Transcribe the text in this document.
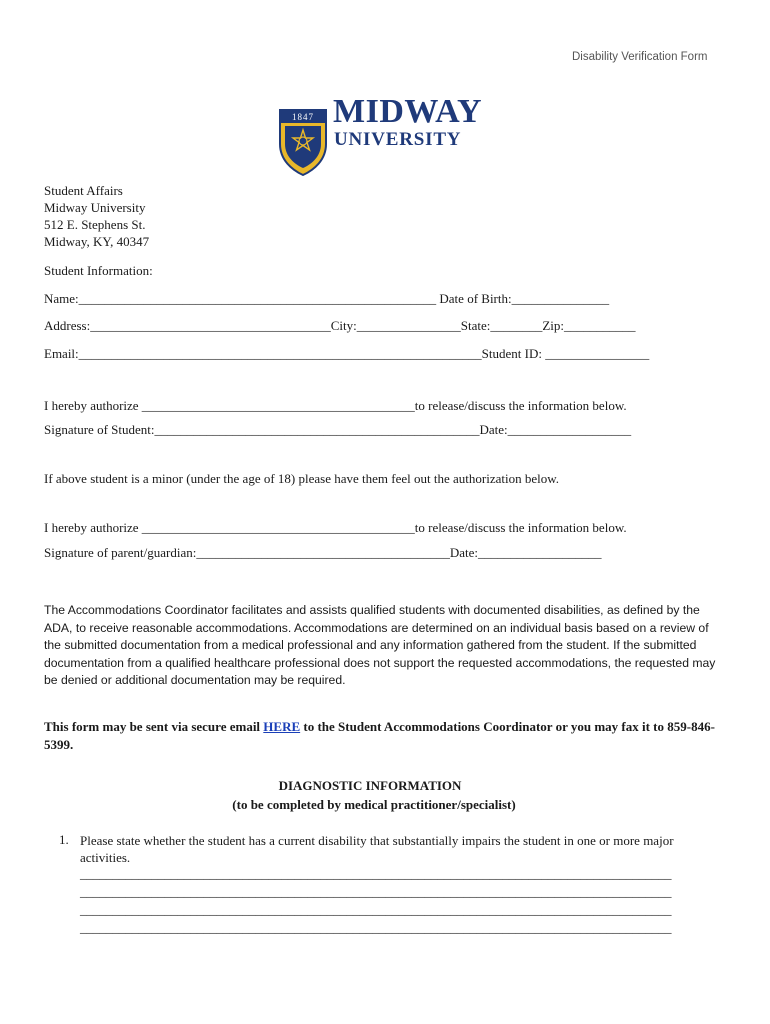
Disability Verification Form

1847 MIDWAY
UNIVERSITY
Student Affairs
Midway University
512 E. Stephens St.
Midway, KY, 40347
Student Information:
Name:_______________________________________________________ Date of Birth:_______________
Address:_____________________________________City:________________State:________Zip:___________
Email:______________________________________________________________Student ID: ________________
I hereby authorize __________________________________________to release/discuss the information below.
Signature of Student:__________________________________________________Date:___________________
If above student is a minor (under the age of 18) please have them feel out the authorization below.
I hereby authorize __________________________________________to release/discuss the information below.
Signature of parent/guardian:_______________________________________Date:___________________
The Accommodations Coordinator facilitates and assists qualified students with documented disabilities, as defined by the ADA, to receive reasonable accommodations. Accommodations are determined on an individual basis based on a review of the submitted documentation from a medical professional and any information gathered from the student. If the submitted documentation from a qualified healthcare professional does not support the requested accommodations, the requested may be denied or additional documentation may be required.
This form may be sent via secure email HERE to the Student Accommodations Coordinator or you may fax it to 859-846-5399.
DIAGNOSTIC INFORMATION
(to be completed by medical practitioner/specialist)
1. Please state whether the student has a current disability that substantially impairs the student in one or more major activities.
___________________________________________________________________________________________
___________________________________________________________________________________________
___________________________________________________________________________________________
___________________________________________________________________________________________
